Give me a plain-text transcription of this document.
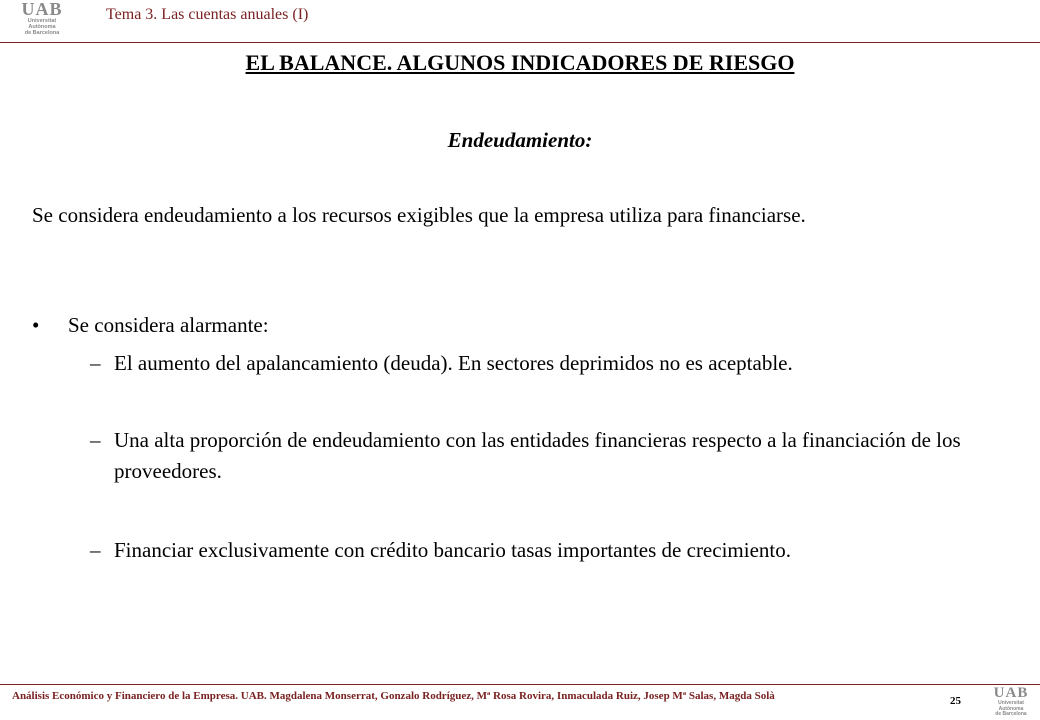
UAB
Universitat Autònoma
de Barcelona
Tema 3. Las cuentas anuales (I)
EL BALANCE. ALGUNOS INDICADORES DE RIESGO
Endeudamiento:

Se considera endeudamiento a los recursos exigibles que la empresa utiliza para financiarse.

• Se considera alarmante:
– El aumento del apalancamiento (deuda). En sectores deprimidos no es aceptable.
– Una alta proporción de endeudamiento con las entidades financieras respecto a la financiación de los proveedores.
– Financiar exclusivamente con crédito bancario tasas importantes de crecimiento.
Análisis Económico y Financiero de la Empresa. UAB. Magdalena Monserrat, Gonzalo Rodríguez, Mª Rosa Rovira, Inmaculada Ruiz, Josep Mª Salas, Magda Solà	25	UAB
Universitat Autònoma
de Barcelona
